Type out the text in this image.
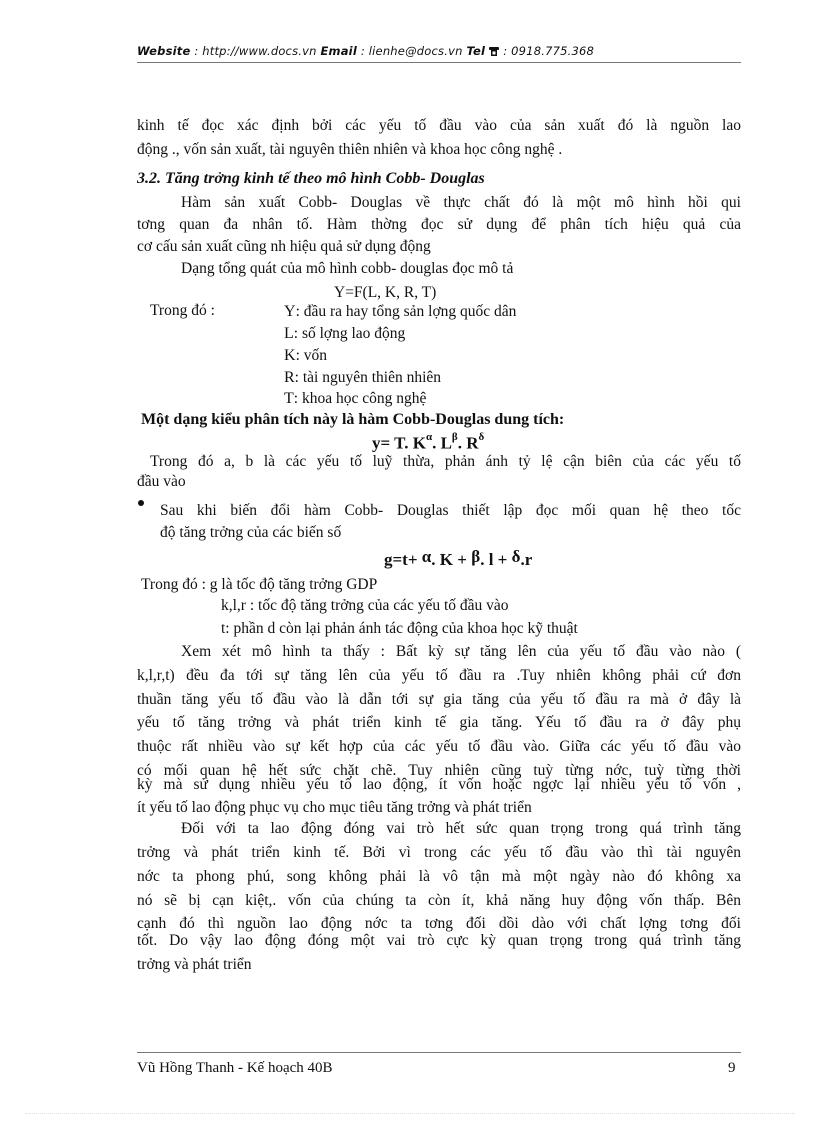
Website : http://www.docs.vn Email : lienhe@docs.vn Tel  : 0918.775.368
kinh tế đọc xác định bởi các yếu tố đầu vào của sản xuất đó là nguồn lao
động ., vốn sản xuất, tài nguyên thiên nhiên và khoa học công nghệ .
3.2. Tăng trởng kinh tế theo mô hình Cobb- Douglas
Hàm sản xuất Cobb- Douglas về thực chất đó là một mô hình hồi qui
tơng quan đa nhân tố. Hàm thờng đọc sử dụng để phân tích hiệu quả của
cơ cấu sản xuất cũng nh hiệu quả sử dụng động
Dạng tổng quát của mô hình cobb- douglas đọc mô tả
Y=F(L, K, R, T)
Trong đó :	Y: đầu ra hay tổng sản lợng quốc dân
L: số lợng lao động
K: vốn
R: tài nguyên thiên nhiên
T: khoa học công nghệ
Một dạng kiểu phân tích này là hàm Cobb-Douglas dung tích:
y= T. $K^\alpha$. $L^\beta$. $R^\delta$
Trong đó a, b là các yếu tố luỹ thừa, phản ánh tỷ lệ cận biên của các yếu tố
đầu vào
Sau khi biến đổi hàm Cobb- Douglas thiết lập đọc mối quan hệ theo tốc
độ tăng trởng của các biến số
g=t+ α. K + β. l + δ.r
Trong đó : g là tốc độ tăng trởng GDP
k,l,r : tốc độ tăng trởng của các yếu tố đầu vào
t: phần d còn lại phản ánh tác động của khoa học kỹ thuật
Xem xét mô hình ta thấy : Bất kỳ sự tăng lên của yếu tố đầu vào nào (
k,l,r,t) đều đa tới sự tăng lên của yếu tố đầu ra .Tuy nhiên không phải cứ đơn
thuần tăng yếu tố đầu vào là dẫn tới sự gia tăng của yếu tố đầu ra mà ở đây là
yếu tố tăng trởng và phát triển kinh tế gia tăng. Yếu tố đầu ra ở đây phụ
thuộc rất nhiều vào sự kết hợp của các yếu tố đầu vào. Giữa các yếu tố đầu vào
có mối quan hệ hết sức chặt chẽ. Tuy nhiên cũng tuỳ từng nớc, tuỳ từng thời
kỳ mà sử dụng nhiều yếu tố lao động, ít vốn hoặc ngợc lại nhiều yếu tố vốn ,
ít yếu tố lao động phục vụ cho mục tiêu tăng trởng và phát triển
Đối với ta lao động đóng vai trò hết sức quan trọng trong quá trình tăng
trởng và phát triển kinh tế. Bởi vì trong các yếu tố đầu vào thì tài nguyên
nớc ta phong phú, song không phải là vô tận mà một ngày nào đó không xa
nó sẽ bị cạn kiệt,. vốn của chúng ta còn ít, khả năng huy động vốn thấp. Bên
cạnh đó thì nguồn lao động nớc ta tơng đối dồi dào với chất lợng tơng đối
tốt. Do vậy lao động đóng một vai trò cực kỳ quan trọng trong quá trình tăng
trởng và phát triển
Vũ Hồng Thanh - Kế hoạch 40B	9
